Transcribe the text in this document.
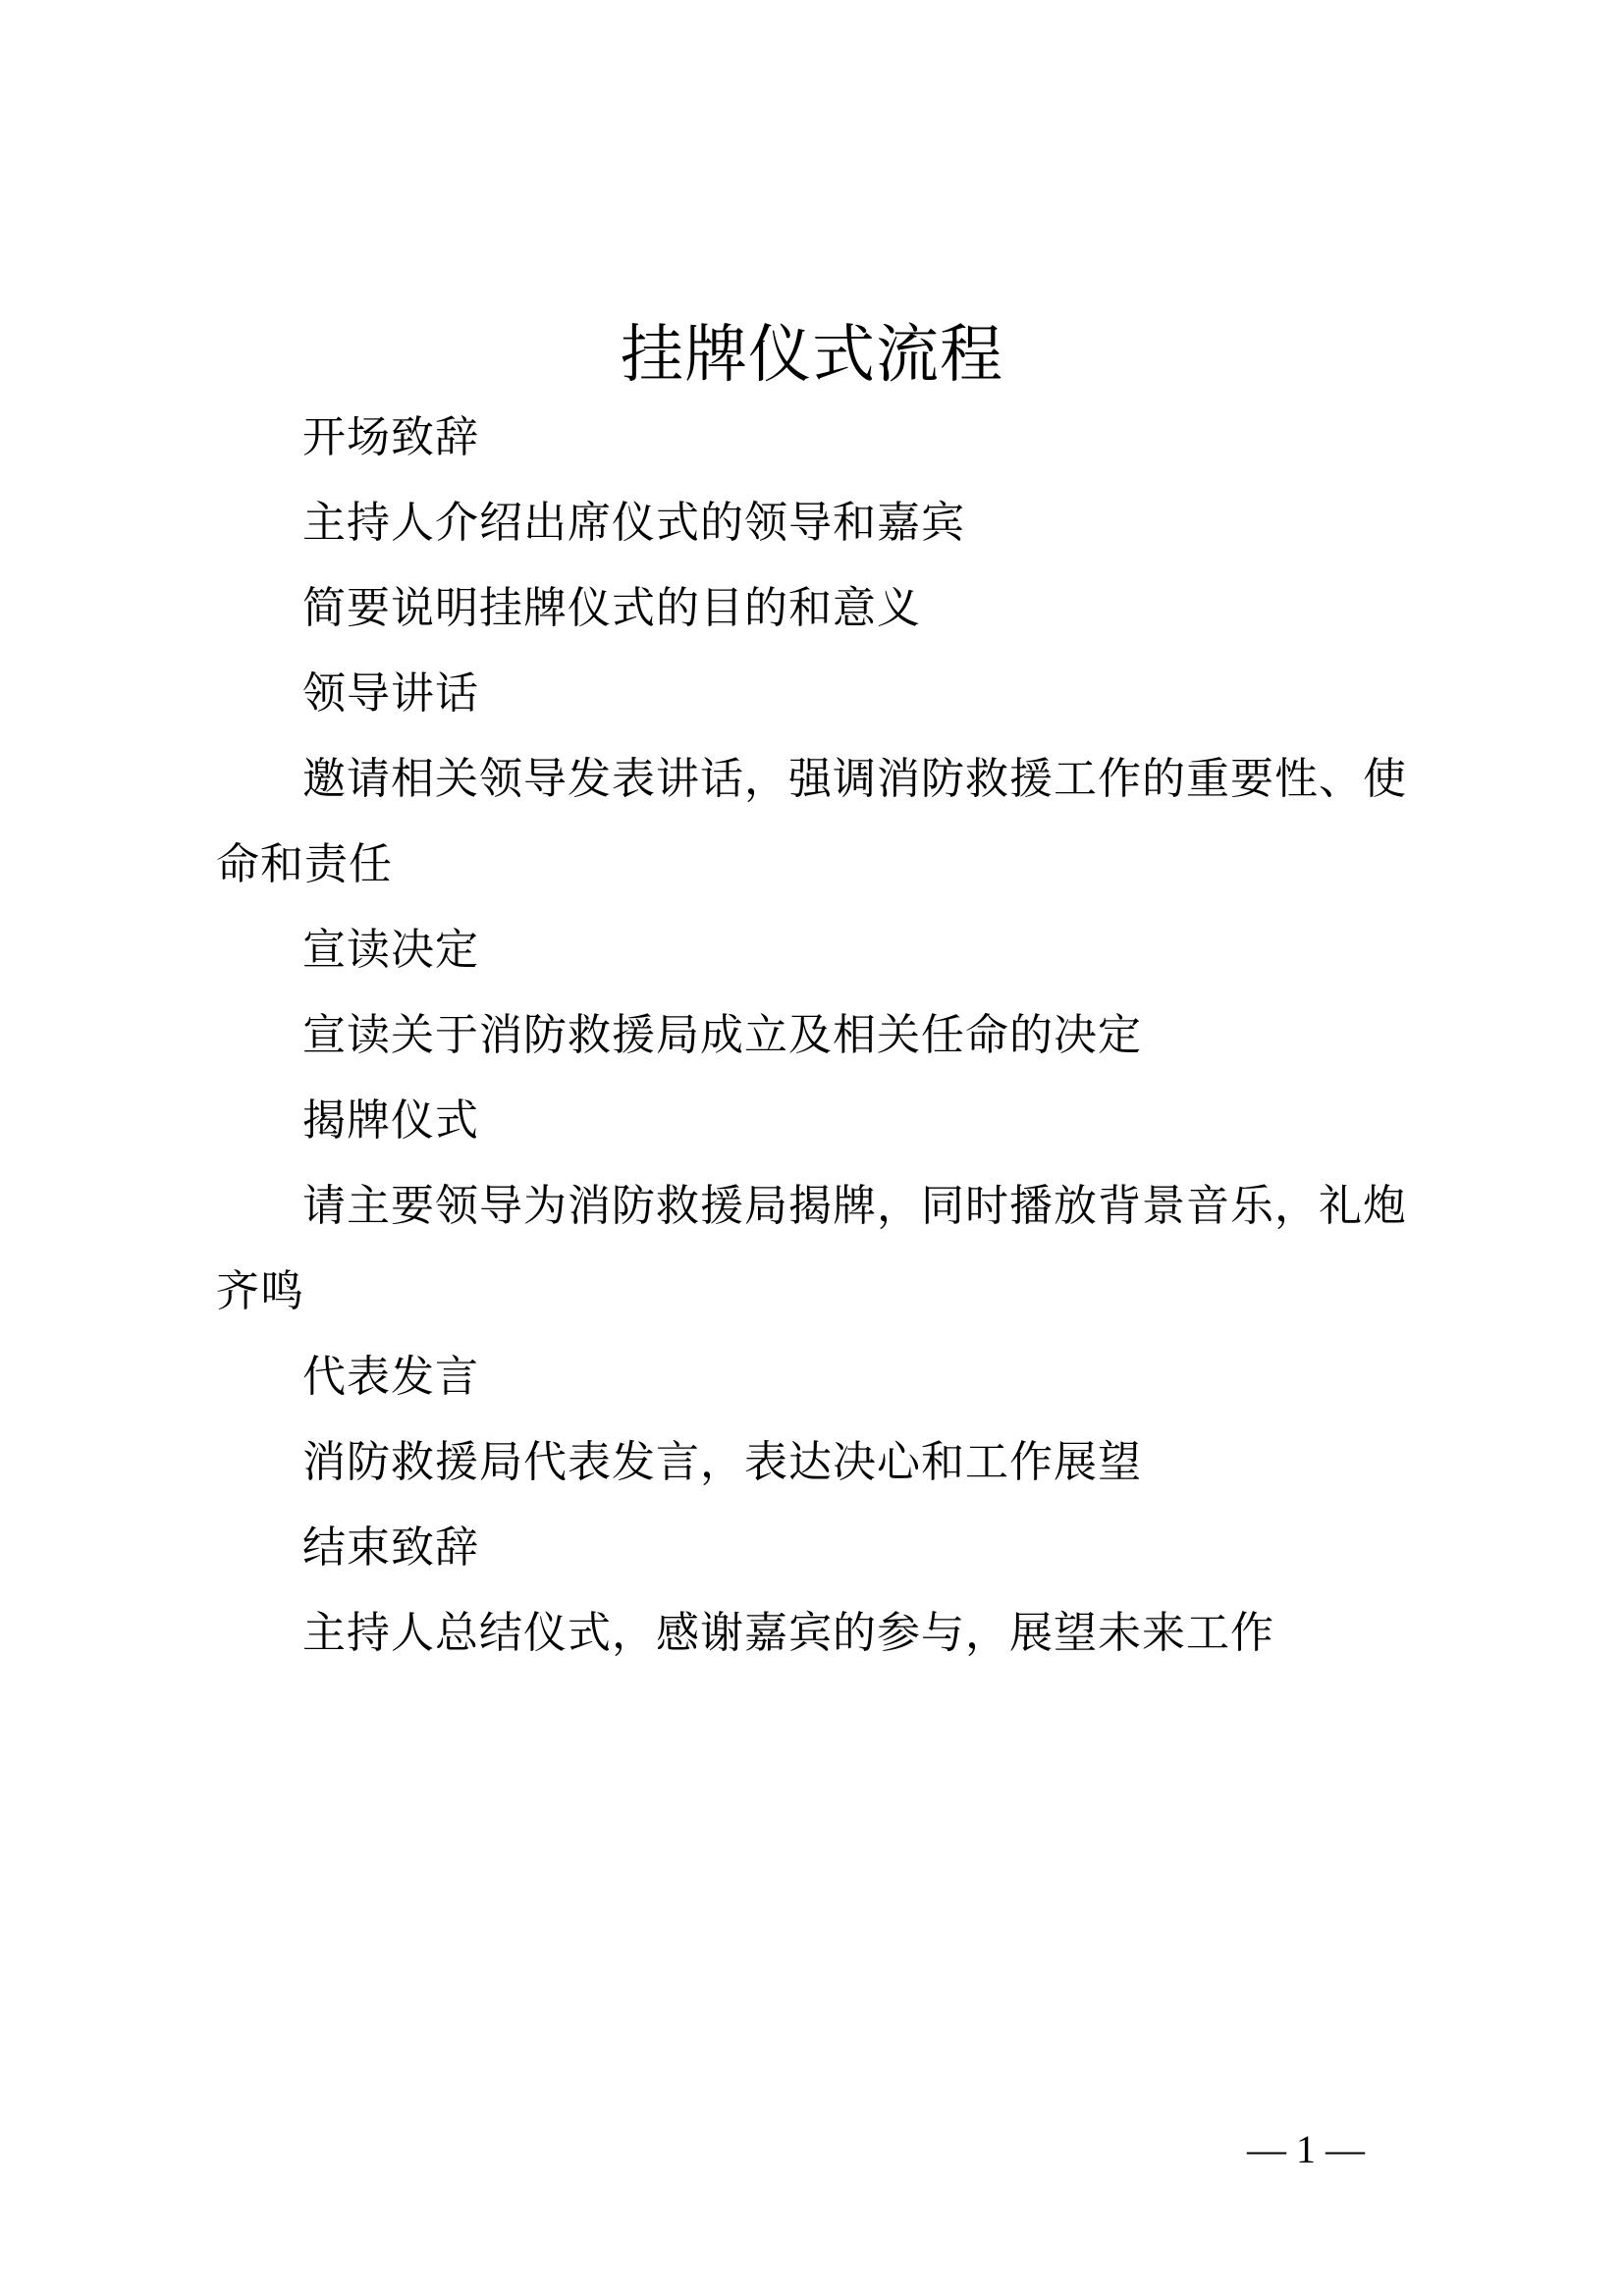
挂牌仪式流程

开场致辞

主持人介绍出席仪式的领导和嘉宾

简要说明挂牌仪式的目的和意义

领导讲话

邀请相关领导发表讲话，强调消防救援工作的重要性、使命和责任

宣读决定

宣读关于消防救援局成立及相关任命的决定

揭牌仪式

请主要领导为消防救援局揭牌，同时播放背景音乐，礼炮齐鸣

代表发言

消防救援局代表发言，表达决心和工作展望

结束致辞

主持人总结仪式，感谢嘉宾的参与，展望未来工作

— 1 —
